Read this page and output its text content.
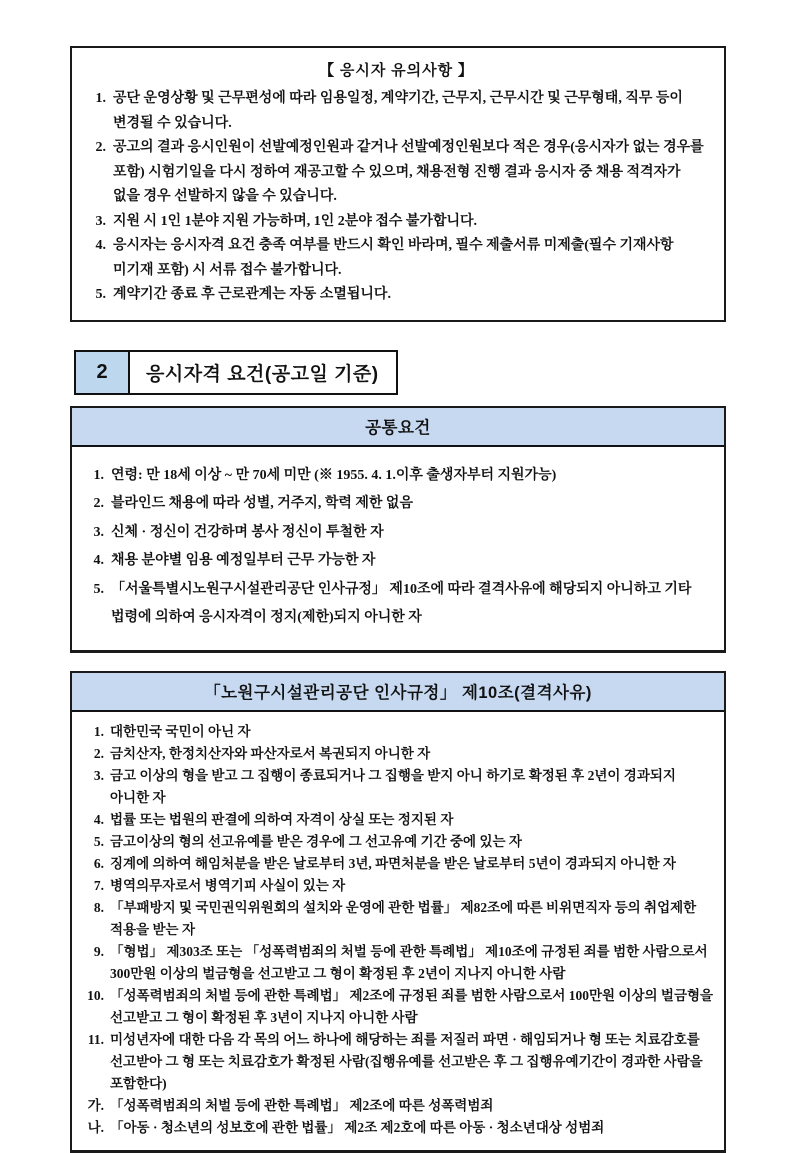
【 응시자 유의사항 】
1. 공단 운영상황 및 근무편성에 따라 임용일정, 계약기간, 근무지, 근무시간 및 근무형태, 직무 등이 변경될 수 있습니다.
2. 공고의 결과 응시인원이 선발예정인원과 같거나 선발예정인원보다 적은 경우(응시자가 없는 경우를 포함) 시험기일을 다시 정하여 재공고할 수 있으며, 채용전형 진행 결과 응시자 중 채용 적격자가 없을 경우 선발하지 않을 수 있습니다.
3. 지원 시 1인 1분야 지원 가능하며, 1인 2분야 접수 불가합니다.
4. 응시자는 응시자격 요건 충족 여부를 반드시 확인 바라며, 필수 제출서류 미제출(필수 기재사항 미기재 포함) 시 서류 접수 불가합니다.
5. 계약기간 종료 후 근로관계는 자동 소멸됩니다.
2	응시자격 요건(공고일 기준)
공통요건
1. 연령: 만 18세 이상 ~ 만 70세 미만 (※ 1955. 4. 1.이후 출생자부터 지원가능)
2. 블라인드 채용에 따라 성별, 거주지, 학력 제한 없음
3. 신체 · 정신이 건강하며 봉사 정신이 투철한 자
4. 채용 분야별 임용 예정일부터 근무 가능한 자
5. 「서울특별시노원구시설관리공단 인사규정」 제10조에 따라 결격사유에 해당되지 아니하고 기타 법령에 의하여 응시자격이 정지(제한)되지 아니한 자
「노원구시설관리공단 인사규정」 제10조(결격사유)
1. 대한민국 국민이 아닌 자
2. 금치산자, 한정치산자와 파산자로서 복권되지 아니한 자
3. 금고 이상의 형을 받고 그 집행이 종료되거나 그 집행을 받지 아니 하기로 확정된 후 2년이 경과되지 아니한 자
4. 법률 또는 법원의 판결에 의하여 자격이 상실 또는 정지된 자
5. 금고이상의 형의 선고유예를 받은 경우에 그 선고유예 기간 중에 있는 자
6. 징계에 의하여 해임처분을 받은 날로부터 3년, 파면처분을 받은 날로부터 5년이 경과되지 아니한 자
7. 병역의무자로서 병역기피 사실이 있는 자
8. 「부패방지 및 국민권익위원회의 설치와 운영에 관한 법률」 제82조에 따른 비위면직자 등의 취업제한 적용을 받는 자
9. 「형법」 제303조 또는 「성폭력범죄의 처벌 등에 관한 특례법」 제10조에 규정된 죄를 범한 사람으로서 300만원 이상의 벌금형을 선고받고 그 형이 확정된 후 2년이 지나지 아니한 사람
10. 「성폭력범죄의 처벌 등에 관한 특례법」 제2조에 규정된 죄를 범한 사람으로서 100만원 이상의 벌금형을 선고받고 그 형이 확정된 후 3년이 지나지 아니한 사람
11. 미성년자에 대한 다음 각 목의 어느 하나에 해당하는 죄를 저질러 파면 · 해임되거나 형 또는 치료감호를 선고받아 그 형 또는 치료감호가 확정된 사람(집행유예를 선고받은 후 그 집행유예기간이 경과한 사람을 포함한다)
가. 「성폭력범죄의 처벌 등에 관한 특례법」 제2조에 따른 성폭력범죄
나. 「아동 · 청소년의 성보호에 관한 법률」 제2조 제2호에 따른 아동 · 청소년대상 성범죄
